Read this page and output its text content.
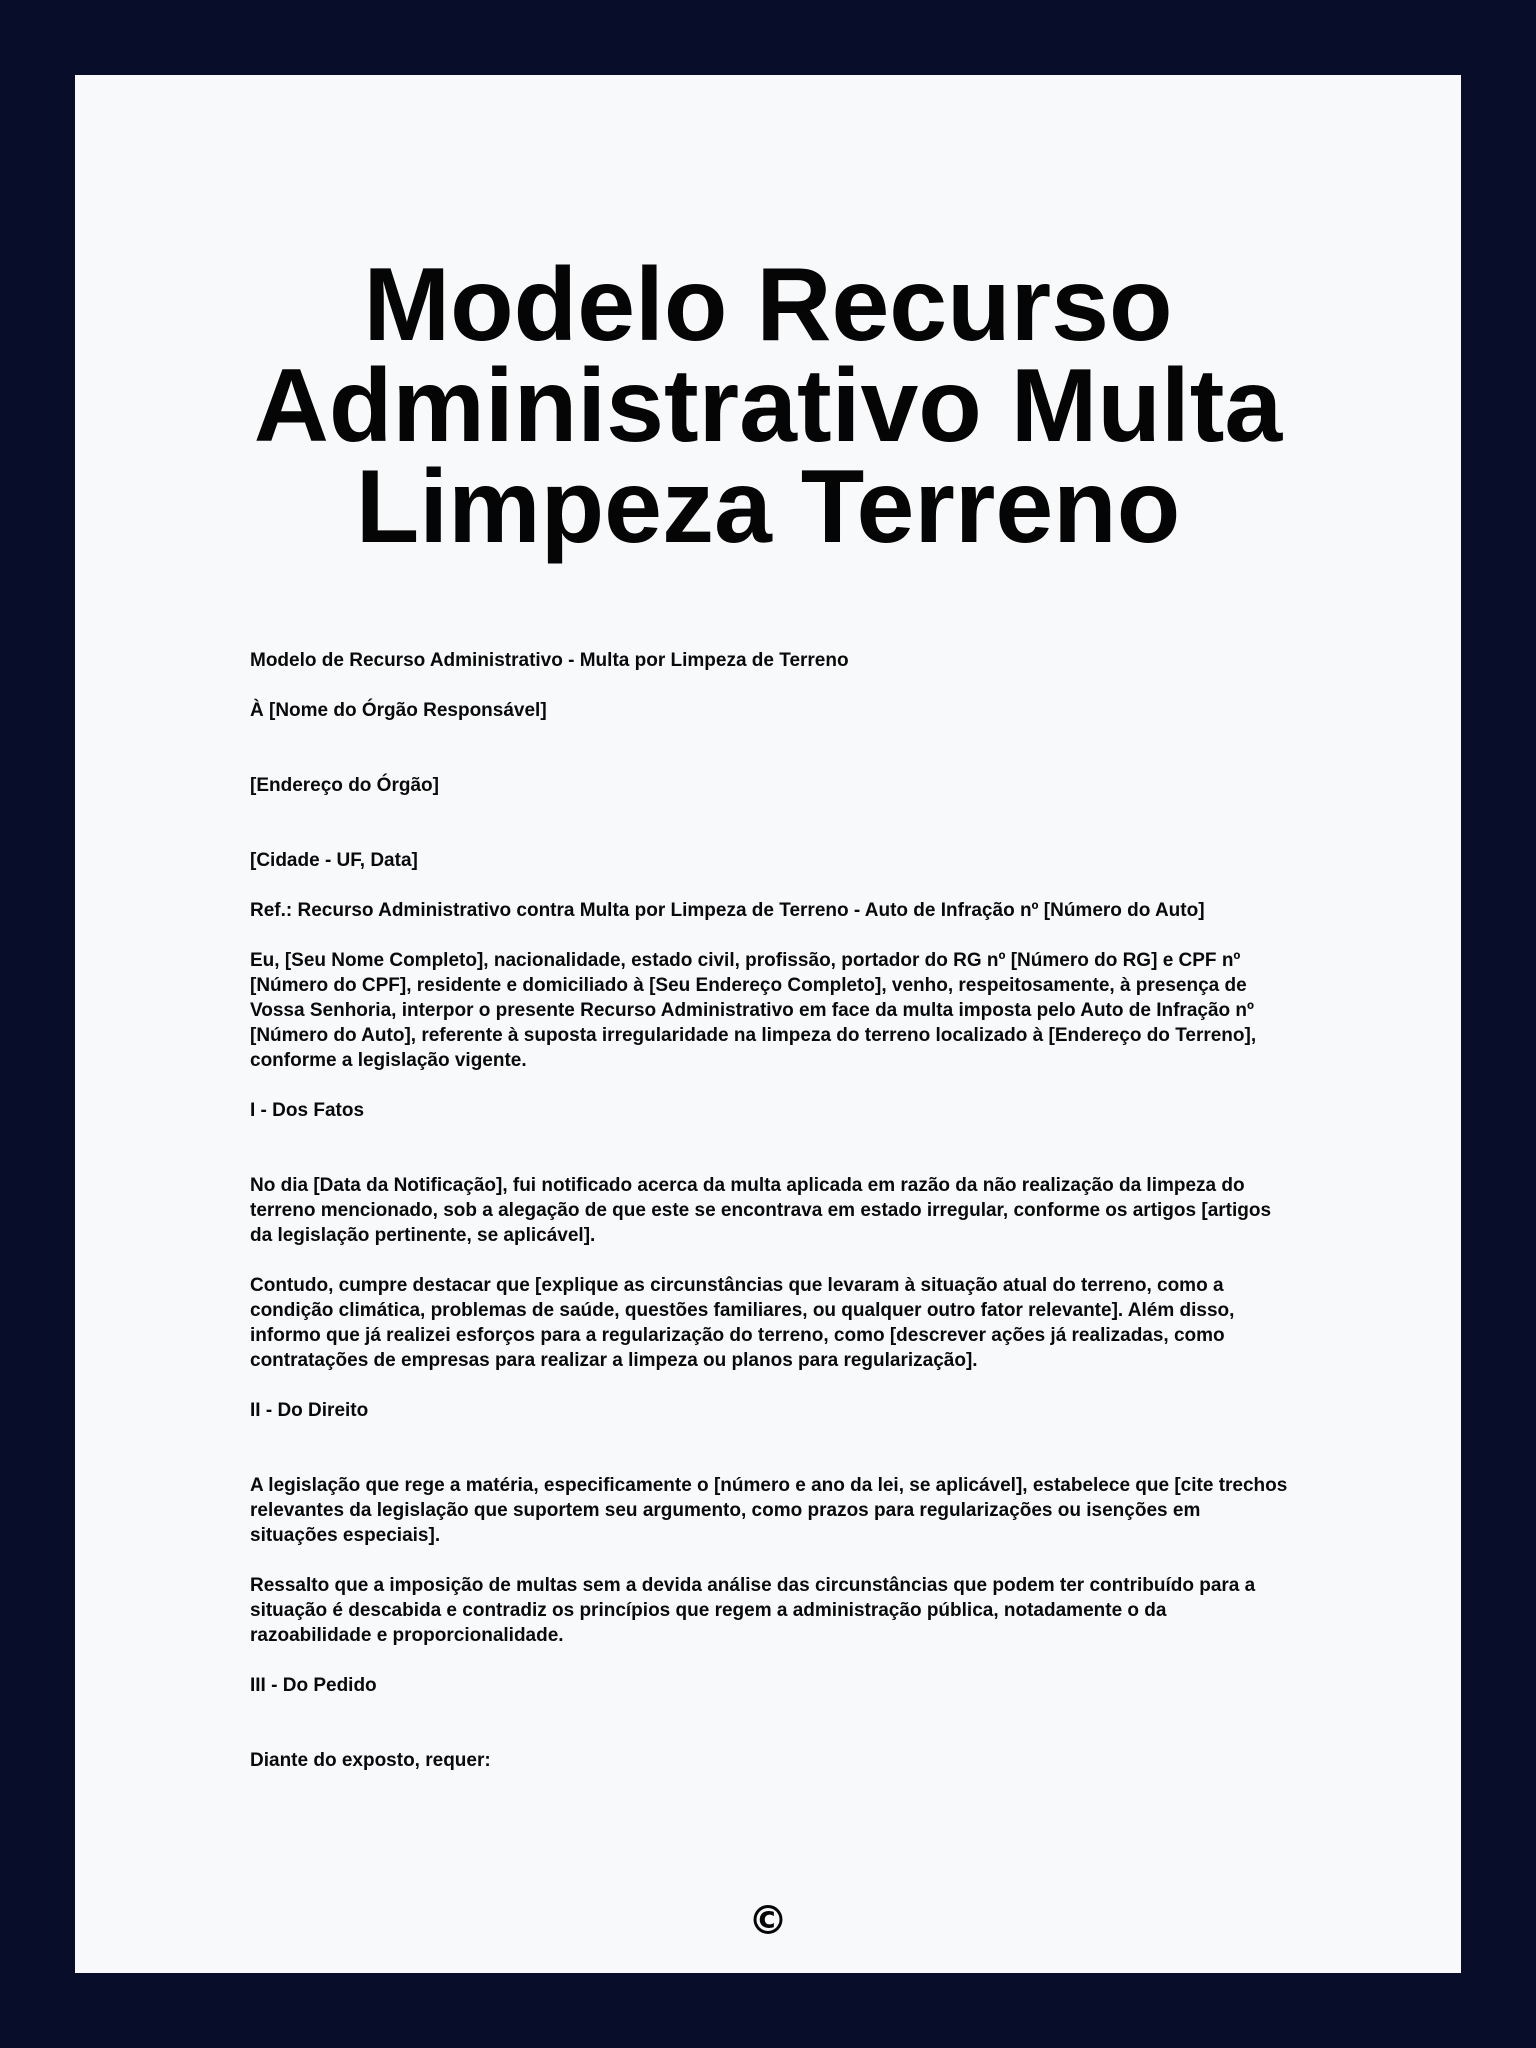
Modelo Recurso Administrativo Multa Limpeza Terreno

Modelo de Recurso Administrativo - Multa por Limpeza de Terreno

À [Nome do Órgão Responsável]

[Endereço do Órgão]

[Cidade - UF, Data]

Ref.: Recurso Administrativo contra Multa por Limpeza de Terreno - Auto de Infração nº [Número do Auto]

Eu, [Seu Nome Completo], nacionalidade, estado civil, profissão, portador do RG nº [Número do RG] e CPF nº [Número do CPF], residente e domiciliado à [Seu Endereço Completo], venho, respeitosamente, à presença de Vossa Senhoria, interpor o presente Recurso Administrativo em face da multa imposta pelo Auto de Infração nº [Número do Auto], referente à suposta irregularidade na limpeza do terreno localizado à [Endereço do Terreno], conforme a legislação vigente.

I - Dos Fatos

No dia [Data da Notificação], fui notificado acerca da multa aplicada em razão da não realização da limpeza do terreno mencionado, sob a alegação de que este se encontrava em estado irregular, conforme os artigos [artigos da legislação pertinente, se aplicável].

Contudo, cumpre destacar que [explique as circunstâncias que levaram à situação atual do terreno, como a condição climática, problemas de saúde, questões familiares, ou qualquer outro fator relevante]. Além disso, informo que já realizei esforços para a regularização do terreno, como [descrever ações já realizadas, como contratações de empresas para realizar a limpeza ou planos para regularização].

II - Do Direito

A legislação que rege a matéria, especificamente o [número e ano da lei, se aplicável], estabelece que [cite trechos relevantes da legislação que suportem seu argumento, como prazos para regularizações ou isenções em situações especiais].

Ressalto que a imposição de multas sem a devida análise das circunstâncias que podem ter contribuído para a situação é descabida e contradiz os princípios que regem a administração pública, notadamente o da razoabilidade e proporcionalidade.

III - Do Pedido

Diante do exposto, requer:

©
